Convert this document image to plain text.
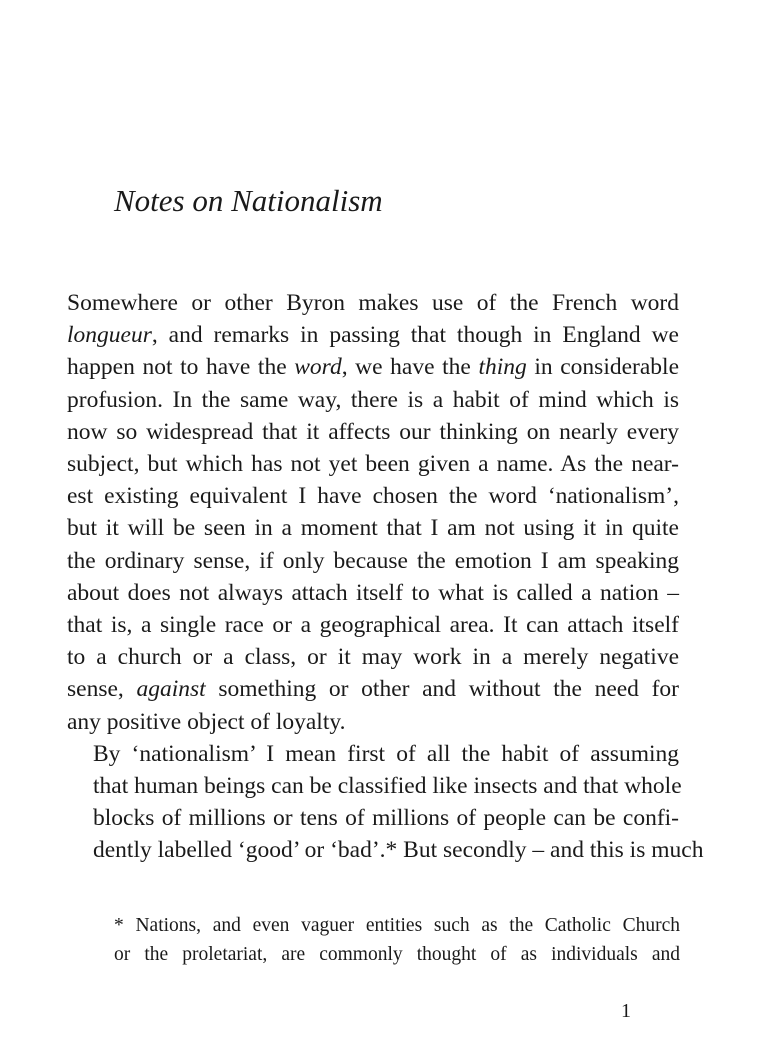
Notes on Nationalism

Somewhere or other Byron makes use of the French word
longueur, and remarks in passing that though in England we
happen not to have the word, we have the thing in considerable
profusion. In the same way, there is a habit of mind which is
now so widespread that it affects our thinking on nearly every
subject, but which has not yet been given a name. As the near-
est existing equivalent I have chosen the word ‘nationalism’,
but it will be seen in a moment that I am not using it in quite
the ordinary sense, if only because the emotion I am speaking
about does not always attach itself to what is called a nation –
that is, a single race or a geographical area. It can attach itself
to a church or a class, or it may work in a merely negative
sense, against something or other and without the need for
any positive object of loyalty.

By ‘nationalism’ I mean first of all the habit of assuming
that human beings can be classified like insects and that whole
blocks of millions or tens of millions of people can be confi-
dently labelled ‘good’ or ‘bad’.* But secondly – and this is much

* Nations, and even vaguer entities such as the Catholic Church
or the proletariat, are commonly thought of as individuals and
1
